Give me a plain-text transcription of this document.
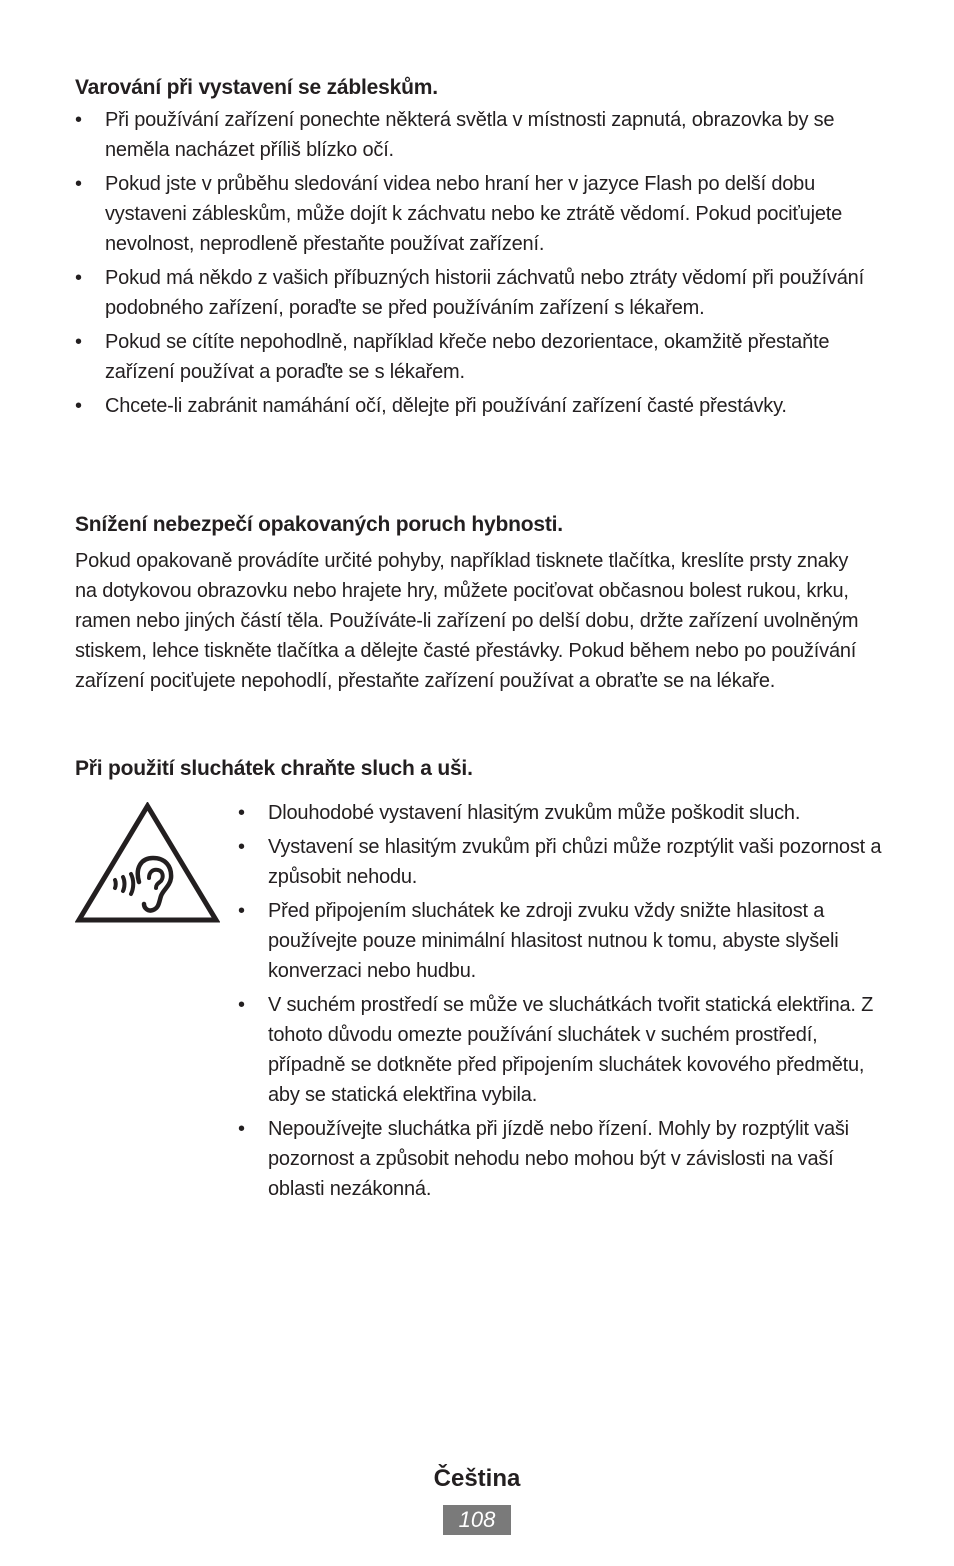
Varování při vystavení se zábleskům.
• Při používání zařízení ponechte některá světla v místnosti zapnutá, obrazovka by se neměla nacházet příliš blízko očí.
• Pokud jste v průběhu sledování videa nebo hraní her v jazyce Flash po delší dobu vystaveni zábleskům, může dojít k záchvatu nebo ke ztrátě vědomí. Pokud pociťujete nevolnost, neprodleně přestaňte používat zařízení.
• Pokud má někdo z vašich příbuzných historii záchvatů nebo ztráty vědomí při používání podobného zařízení, poraďte se před používáním zařízení s lékařem.
• Pokud se cítíte nepohodlně, například křeče nebo dezorientace, okamžitě přestaňte zařízení používat a poraďte se s lékařem.
• Chcete-li zabránit namáhání očí, dělejte při používání zařízení časté přestávky.
Snížení nebezpečí opakovaných poruch hybnosti.

Pokud opakovaně provádíte určité pohyby, například tisknete tlačítka, kreslíte prsty znaky na dotykovou obrazovku nebo hrajete hry, můžete pociťovat občasnou bolest rukou, krku, ramen nebo jiných částí těla. Používáte-li zařízení po delší dobu, držte zařízení uvolněným stiskem, lehce tiskněte tlačítka a dělejte časté přestávky. Pokud během nebo po používání zařízení pociťujete nepohodlí, přestaňte zařízení používat a obraťte se na lékaře.

Při použití sluchátek chraňte sluch a uši.
• Dlouhodobé vystavení hlasitým zvukům může poškodit sluch.
• Vystavení se hlasitým zvukům při chůzi může rozptýlit vaši pozornost a způsobit nehodu.
• Před připojením sluchátek ke zdroji zvuku vždy snižte hlasitost a používejte pouze minimální hlasitost nutnou k tomu, abyste slyšeli konverzaci nebo hudbu.
• V suchém prostředí se může ve sluchátkách tvořit statická elektřina. Z tohoto důvodu omezte používání sluchátek v suchém prostředí, případně se dotkněte před připojením sluchátek kovového předmětu, aby se statická elektřina vybila.
• Nepoužívejte sluchátka při jízdě nebo řízení. Mohly by rozptýlit vaši pozornost a způsobit nehodu nebo mohou být v závislosti na vaší oblasti nezákonná.
Čeština
108
